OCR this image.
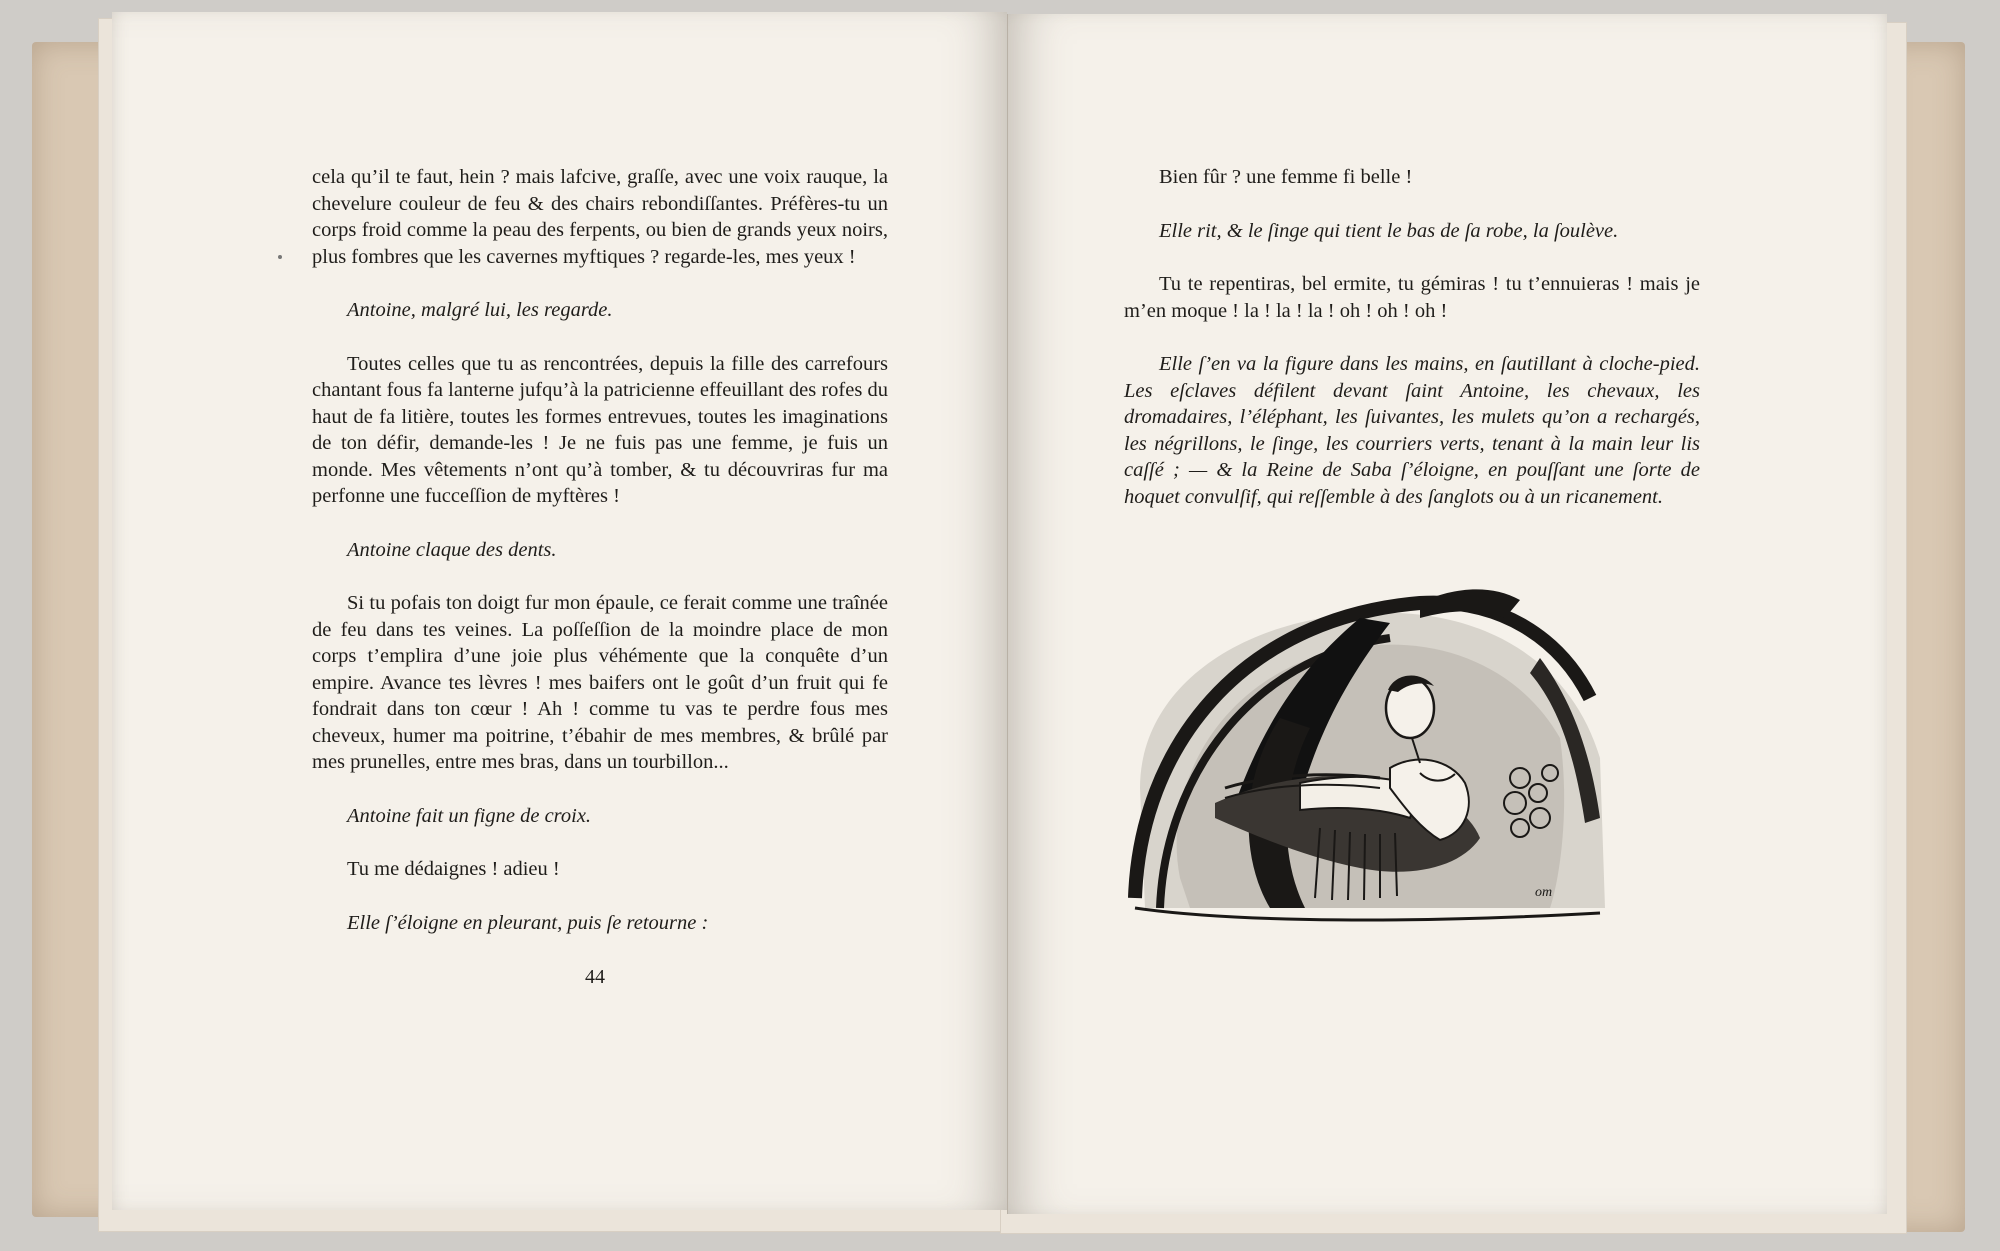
cela qu’il te faut, hein ? mais lafcive, graſſe, avec une voix rauque, la chevelure couleur de feu & des chairs rebondiſſantes. Préfères-tu un corps froid comme la peau des ferpents, ou bien de grands yeux noirs, plus fombres que les cavernes myftiques ? regarde-les, mes yeux !

Antoine, malgré lui, les regarde.

Toutes celles que tu as rencontrées, depuis la fille des carrefours chantant fous fa lanterne jufqu’à la patricienne effeuillant des rofes du haut de fa litière, toutes les formes entrevues, toutes les imaginations de ton défir, demande-les ! Je ne fuis pas une femme, je fuis un monde. Mes vêtements n’ont qu’à tomber, & tu découvriras fur ma perfonne une fucceſſion de myftères !

Antoine claque des dents.

Si tu pofais ton doigt fur mon épaule, ce ferait comme une traînée de feu dans tes veines. La poſſeſſion de la moindre place de mon corps t’emplira d’une joie plus véhémente que la conquête d’un empire. Avance tes lèvres ! mes baifers ont le goût d’un fruit qui fe fondrait dans ton cœur ! Ah ! comme tu vas te perdre fous mes cheveux, humer ma poitrine, t’ébahir de mes membres, & brûlé par mes prunelles, entre mes bras, dans un tourbillon...

Antoine fait un figne de croix.

Tu me dédaignes ! adieu !

Elle ſ’éloigne en pleurant, puis ſe retourne :

44

Bien fûr ? une femme fi belle !

Elle rit, & le ſinge qui tient le bas de ſa robe, la ſoulève.

Tu te repentiras, bel ermite, tu gémiras ! tu t’ennuieras ! mais je m’en moque ! la ! la ! la ! oh ! oh ! oh !

Elle ſ’en va la figure dans les mains, en ſautillant à cloche-pied. Les eſclaves défilent devant ſaint Antoine, les chevaux, les dromadaires, l’éléphant, les ſuivantes, les mulets qu’on a rechargés, les négrillons, le ſinge, les courriers verts, tenant à la main leur lis caſſé ; — & la Reine de Saba ſ’éloigne, en pouſſant une ſorte de hoquet convulſif, qui reſſemble à des ſanglots ou à un ricanement.

om
